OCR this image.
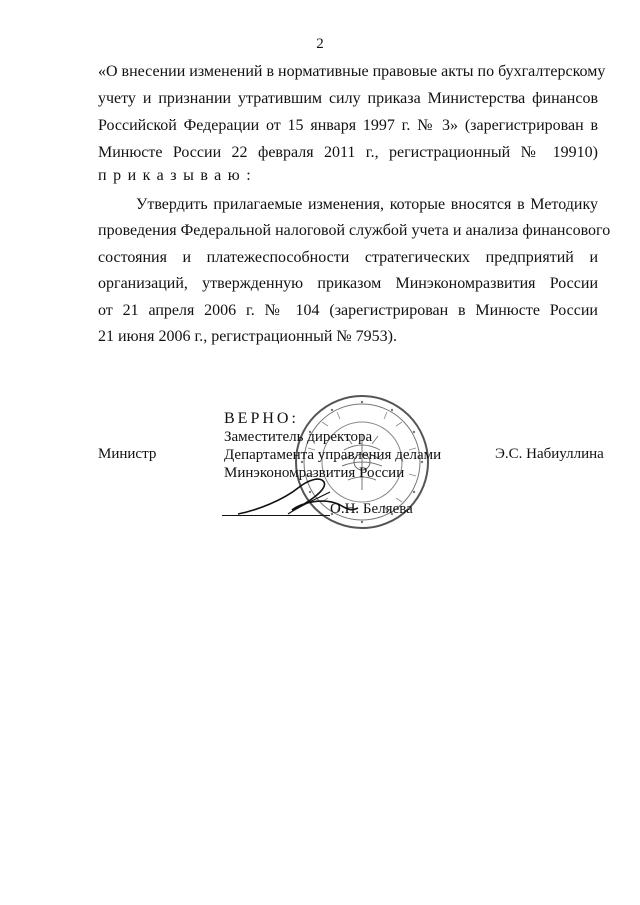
2
«О внесении изменений в нормативные правовые акты по бухгалтерскому
учету и признании утратившим силу приказа Министерства финансов
Российской Федерации от 15 января 1997 г. № 3» (зарегистрирован в
Минюсте России 22 февраля 2011 г., регистрационный № 19910)
приказываю:
Утвердить прилагаемые изменения, которые вносятся в Методику
проведения Федеральной налоговой службой учета и анализа финансового
состояния и платежеспособности стратегических предприятий и
организаций, утвержденную приказом Минэкономразвития России
от 21 апреля 2006 г. № 104 (зарегистрирован в Минюсте России
21 июня 2006 г., регистрационный № 7953).
Министр	Э.С. Набиуллина
ВЕРНО:
Заместитель директора
Департамента управления делами
Минэкономразвития России
О.Н. Беляева
